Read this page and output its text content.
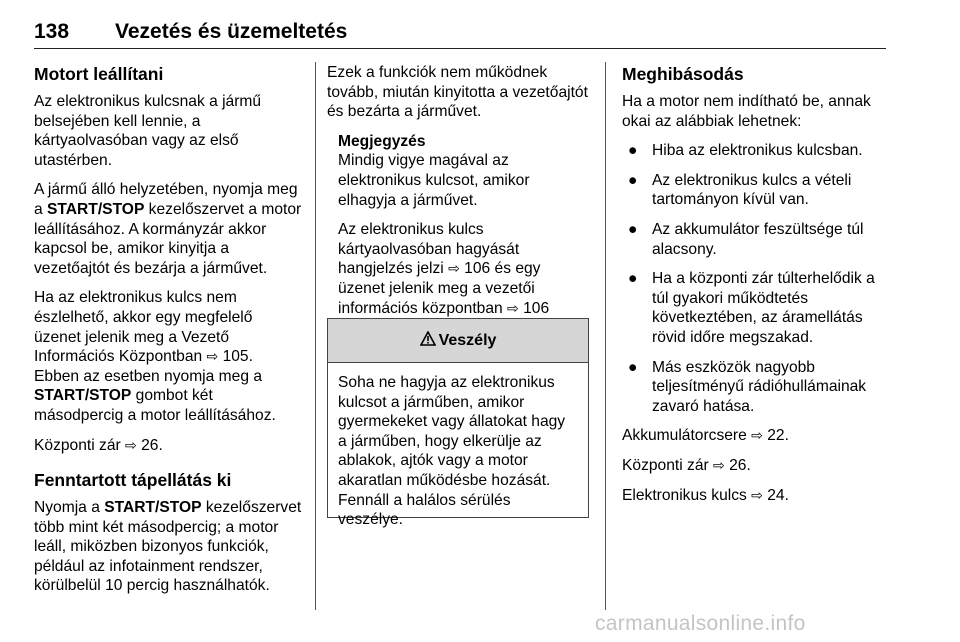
138 Vezetés és üzemeltetés
Motort leállítani

Az elektronikus kulcsnak a jármű belsejében kell lennie, a kártyaolvasóban vagy az első utastérben.

A jármű álló helyzetében, nyomja meg a START/STOP kezelőszervet a motor leállításához. A kormányzár akkor kapcsol be, amikor kinyitja a vezetőajtót és bezárja a járművet.

Ha az elektronikus kulcs nem észlelhető, akkor egy megfelelő üzenet jelenik meg a Vezető Információs Központban ⇨ 105. Ebben az esetben nyomja meg a START/STOP gombot két másodpercig a motor leállításához.

Központi zár ⇨ 26.

Fenntartott tápellátás ki

Nyomja a START/STOP kezelőszervet több mint két másodpercig; a motor leáll, miközben bizonyos funkciók, például az infotainment rendszer, körülbelül 10 percig használhatók.

Ezek a funkciók nem működnek tovább, miután kinyitotta a vezetőajtót és bezárta a járművet.

Megjegyzés

Mindig vigye magával az elektronikus kulcsot, amikor elhagyja a járművet.

Az elektronikus kulcs kártyaolvasóban hagyását hangjelzés jelzi ⇨ 106 és egy üzenet jelenik meg a vezetői információs központban ⇨ 106

Veszély
Soha ne hagyja az elektronikus kulcsot a járműben, amikor gyermekeket vagy állatokat hagy a járműben, hogy elkerülje az ablakok, ajtók vagy a motor akaratlan működésbe hozását. Fennáll a halálos sérülés veszélye.
Meghibásodás

Ha a motor nem indítható be, annak okai az alábbiak lehetnek:

● Hiba az elektronikus kulcsban.
● Az elektronikus kulcs a vételi tartományon kívül van.
● Az akkumulátor feszültsége túl alacsony.
● Ha a központi zár túlterhelődik a túl gyakori működtetés következtében, az áramellátás rövid időre megszakad.
● Más eszközök nagyobb teljesítményű rádióhullámainak zavaró hatása.

Akkumulátorcsere ⇨ 22.

Központi zár ⇨ 26.

Elektronikus kulcs ⇨ 24.

carmanualsonline.info
